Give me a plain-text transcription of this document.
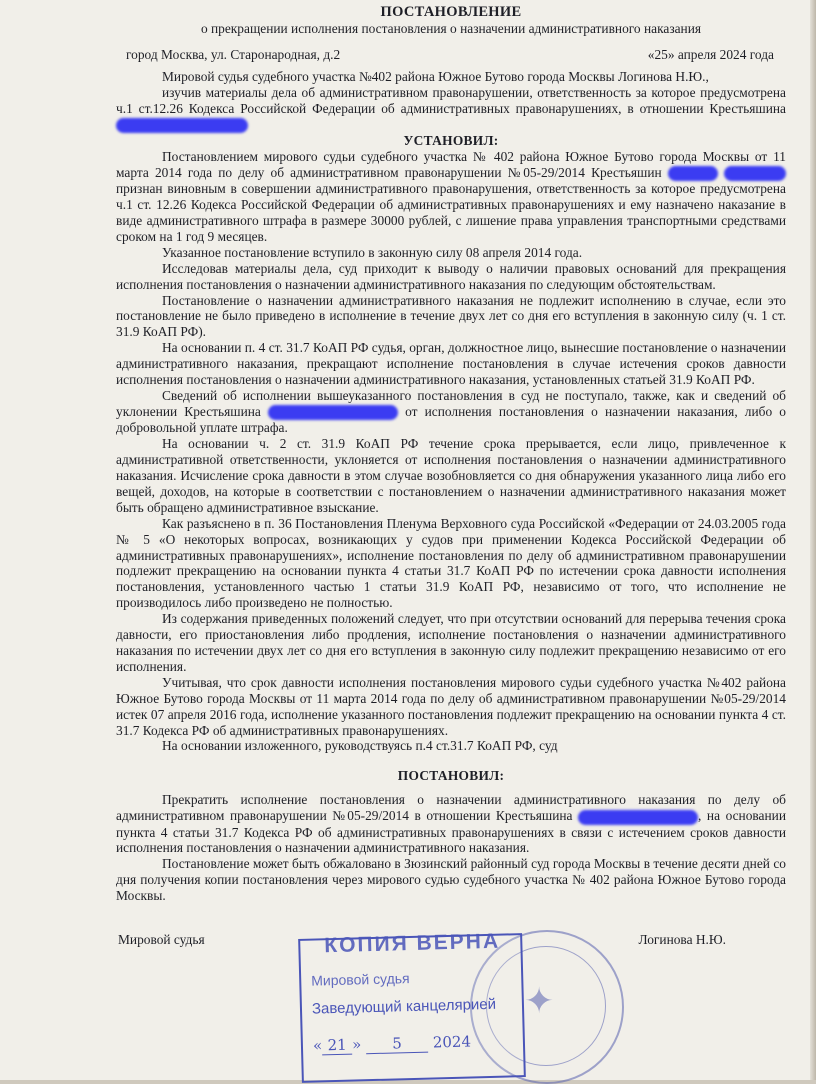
ПОСТАНОВЛЕНИЕ
о прекращении исполнения постановления о назначении административного наказания
город Москва, ул. Старонародная, д.2	«25» апреля 2024 года

Мировой судья судебного участка №402 района Южное Бутово города Москвы Логинова Н.Ю.,

изучив материалы дела об административном правонарушении, ответственность за которое предусмотрена ч.1 ст.12.26 Кодекса Российской Федерации об административных правонарушениях, в отношении Крестьяшина

УСТАНОВИЛ:

Постановлением мирового судьи судебного участка № 402 района Южное Бутово города Москвы от 11 марта 2014 года по делу об административном правонарушении №05-29/2014 Крестьяшин   признан виновным в совершении административного правонарушения, ответственность за которое предусмотрена ч.1 ст. 12.26 Кодекса Российской Федерации об административных правонарушениях и ему назначено наказание в виде административного штрафа в размере 30000 рублей, с лишение права управления транспортными средствами сроком на 1 год 9 месяцев.

Указанное постановление вступило в законную силу 08 апреля 2014 года.

Исследовав материалы дела, суд приходит к выводу о наличии правовых оснований для прекращения исполнения постановления о назначении административного наказания по следующим обстоятельствам.

Постановление о назначении административного наказания не подлежит исполнению в случае, если это постановление не было приведено в исполнение в течение двух лет со дня его вступления в законную силу (ч. 1 ст. 31.9 КоАП РФ).

На основании п. 4 ст. 31.7 КоАП РФ судья, орган, должностное лицо, вынесшие постановление о назначении административного наказания, прекращают исполнение постановления в случае истечения сроков давности исполнения постановления о назначении административного наказания, установленных статьей 31.9 КоАП РФ.

Сведений об исполнении вышеуказанного постановления в суд не поступало, также, как и сведений об уклонении Крестьяшина	от исполнения постановления о назначении наказания, либо о добровольной уплате штрафа.

На основании ч. 2 ст. 31.9 КоАП РФ течение срока прерывается, если лицо, привлеченное к административной ответственности, уклоняется от исполнения постановления о назначении административного наказания. Исчисление срока давности в этом случае возобновляется со дня обнаружения указанного лица либо его вещей, доходов, на которые в соответствии с постановлением о назначении административного наказания может быть обращено административное взыскание.

Как разъяснено в п. 36 Постановления Пленума Верховного суда Российской «Федерации от 24.03.2005 года № 5 «О некоторых вопросах, возникающих у судов при применении Кодекса Российской Федерации об административных правонарушениях», исполнение постановления по делу об административном правонарушении подлежит прекращению на основании пункта 4 статьи 31.7 КоАП РФ по истечении срока давности исполнения постановления, установленного частью 1 статьи 31.9 КоАП РФ, независимо от того, что исполнение не производилось либо произведено не полностью.

Из содержания приведенных положений следует, что при отсутствии оснований для перерыва течения срока давности, его приостановления либо продления, исполнение постановления о назначении административного наказания по истечении двух лет со дня его вступления в законную силу подлежит прекращению независимо от его исполнения.

Учитывая, что срок давности исполнения постановления мирового судьи судебного участка №402 района Южное Бутово города Москвы от 11 марта 2014 года по делу об административном правонарушении №05-29/2014 истек 07 апреля 2016 года, исполнение указанного постановления подлежит прекращению на основании пункта 4 ст. 31.7 Кодекса РФ об административных правонарушениях.

На основании изложенного, руководствуясь п.4 ст.31.7 КоАП РФ, суд

ПОСТАНОВИЛ:

Прекратить исполнение постановления о назначении административного наказания по делу об административном правонарушении №05-29/2014 в отношении Крестьяшина	, на основании пункта 4 статьи 31.7 Кодекса РФ об административных правонарушениях в связи с истечением сроков давности исполнения постановления о назначении административного наказания.

Постановление может быть обжаловано в Зюзинский районный суд города Москвы в течение десяти дней со дня получения копии постановления через мирового судью судебного участка № 402 района Южное Бутово города Москвы.

Мировой судья	Логинова Н.Ю.
✦
КОПИЯ ВЕРНА
Мировой судья
Заведующий канцелярией
« 21 » 5 2024
